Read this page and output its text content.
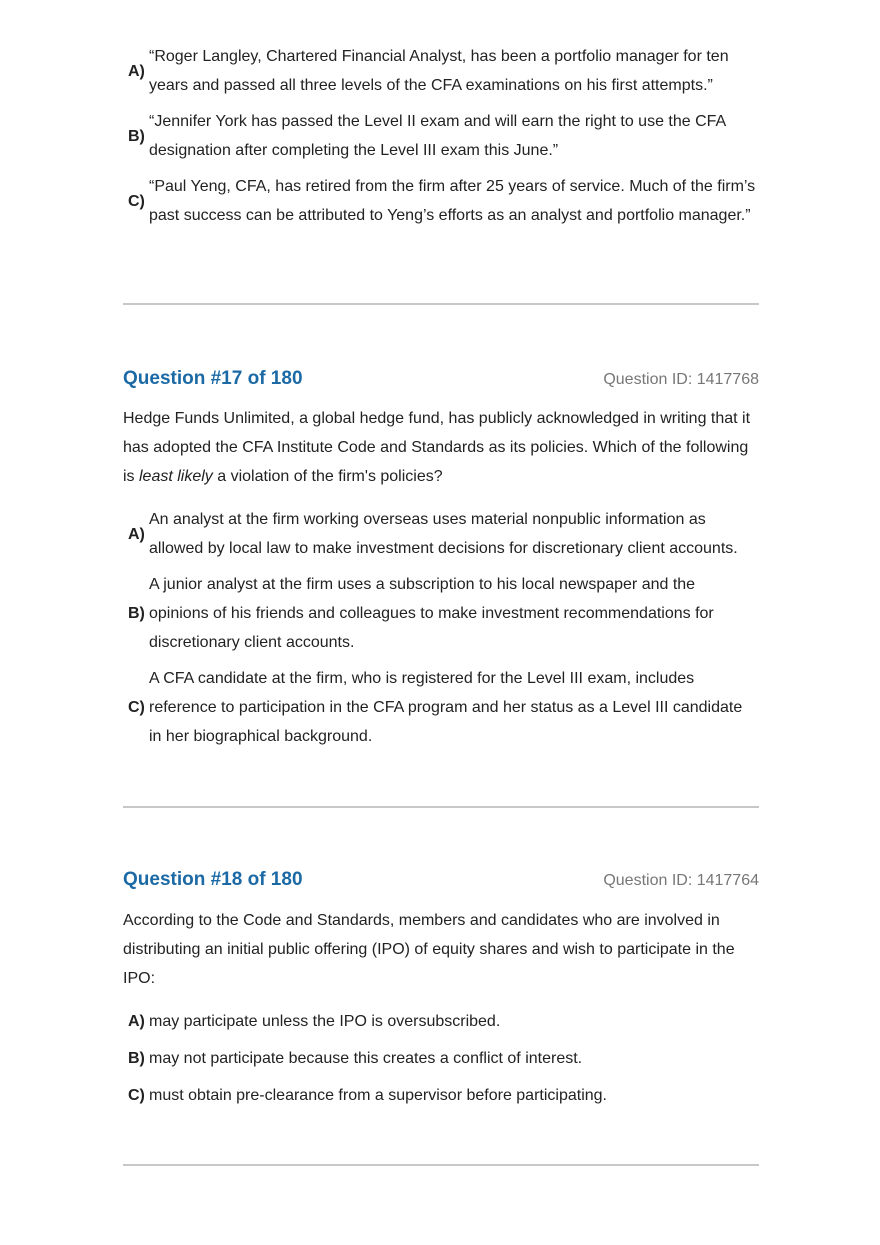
A)
“Roger Langley, Chartered Financial Analyst, has been a portfolio manager for ten years and passed all three levels of the CFA examinations on his first attempts.”
B)
“Jennifer York has passed the Level II exam and will earn the right to use the CFA designation after completing the Level III exam this June.”
C)
“Paul Yeng, CFA, has retired from the firm after 25 years of service. Much of the firm’s past success can be attributed to Yeng’s efforts as an analyst and portfolio manager.”
Question #17 of 180	Question ID: 1417768

Hedge Funds Unlimited, a global hedge fund, has publicly acknowledged in writing that it has adopted the CFA Institute Code and Standards as its policies. Which of the following is least likely a violation of the firm's policies?

A)
An analyst at the firm working overseas uses material nonpublic information as allowed by local law to make investment decisions for discretionary client accounts.
B)
A junior analyst at the firm uses a subscription to his local newspaper and the opinions of his friends and colleagues to make investment recommendations for discretionary client accounts.
C)
A CFA candidate at the firm, who is registered for the Level III exam, includes reference to participation in the CFA program and her status as a Level III candidate in her biographical background.
Question #18 of 180	Question ID: 1417764

According to the Code and Standards, members and candidates who are involved in distributing an initial public offering (IPO) of equity shares and wish to participate in the IPO:

A) may participate unless the IPO is oversubscribed.
B) may not participate because this creates a conflict of interest.
C) must obtain pre-clearance from a supervisor before participating.
